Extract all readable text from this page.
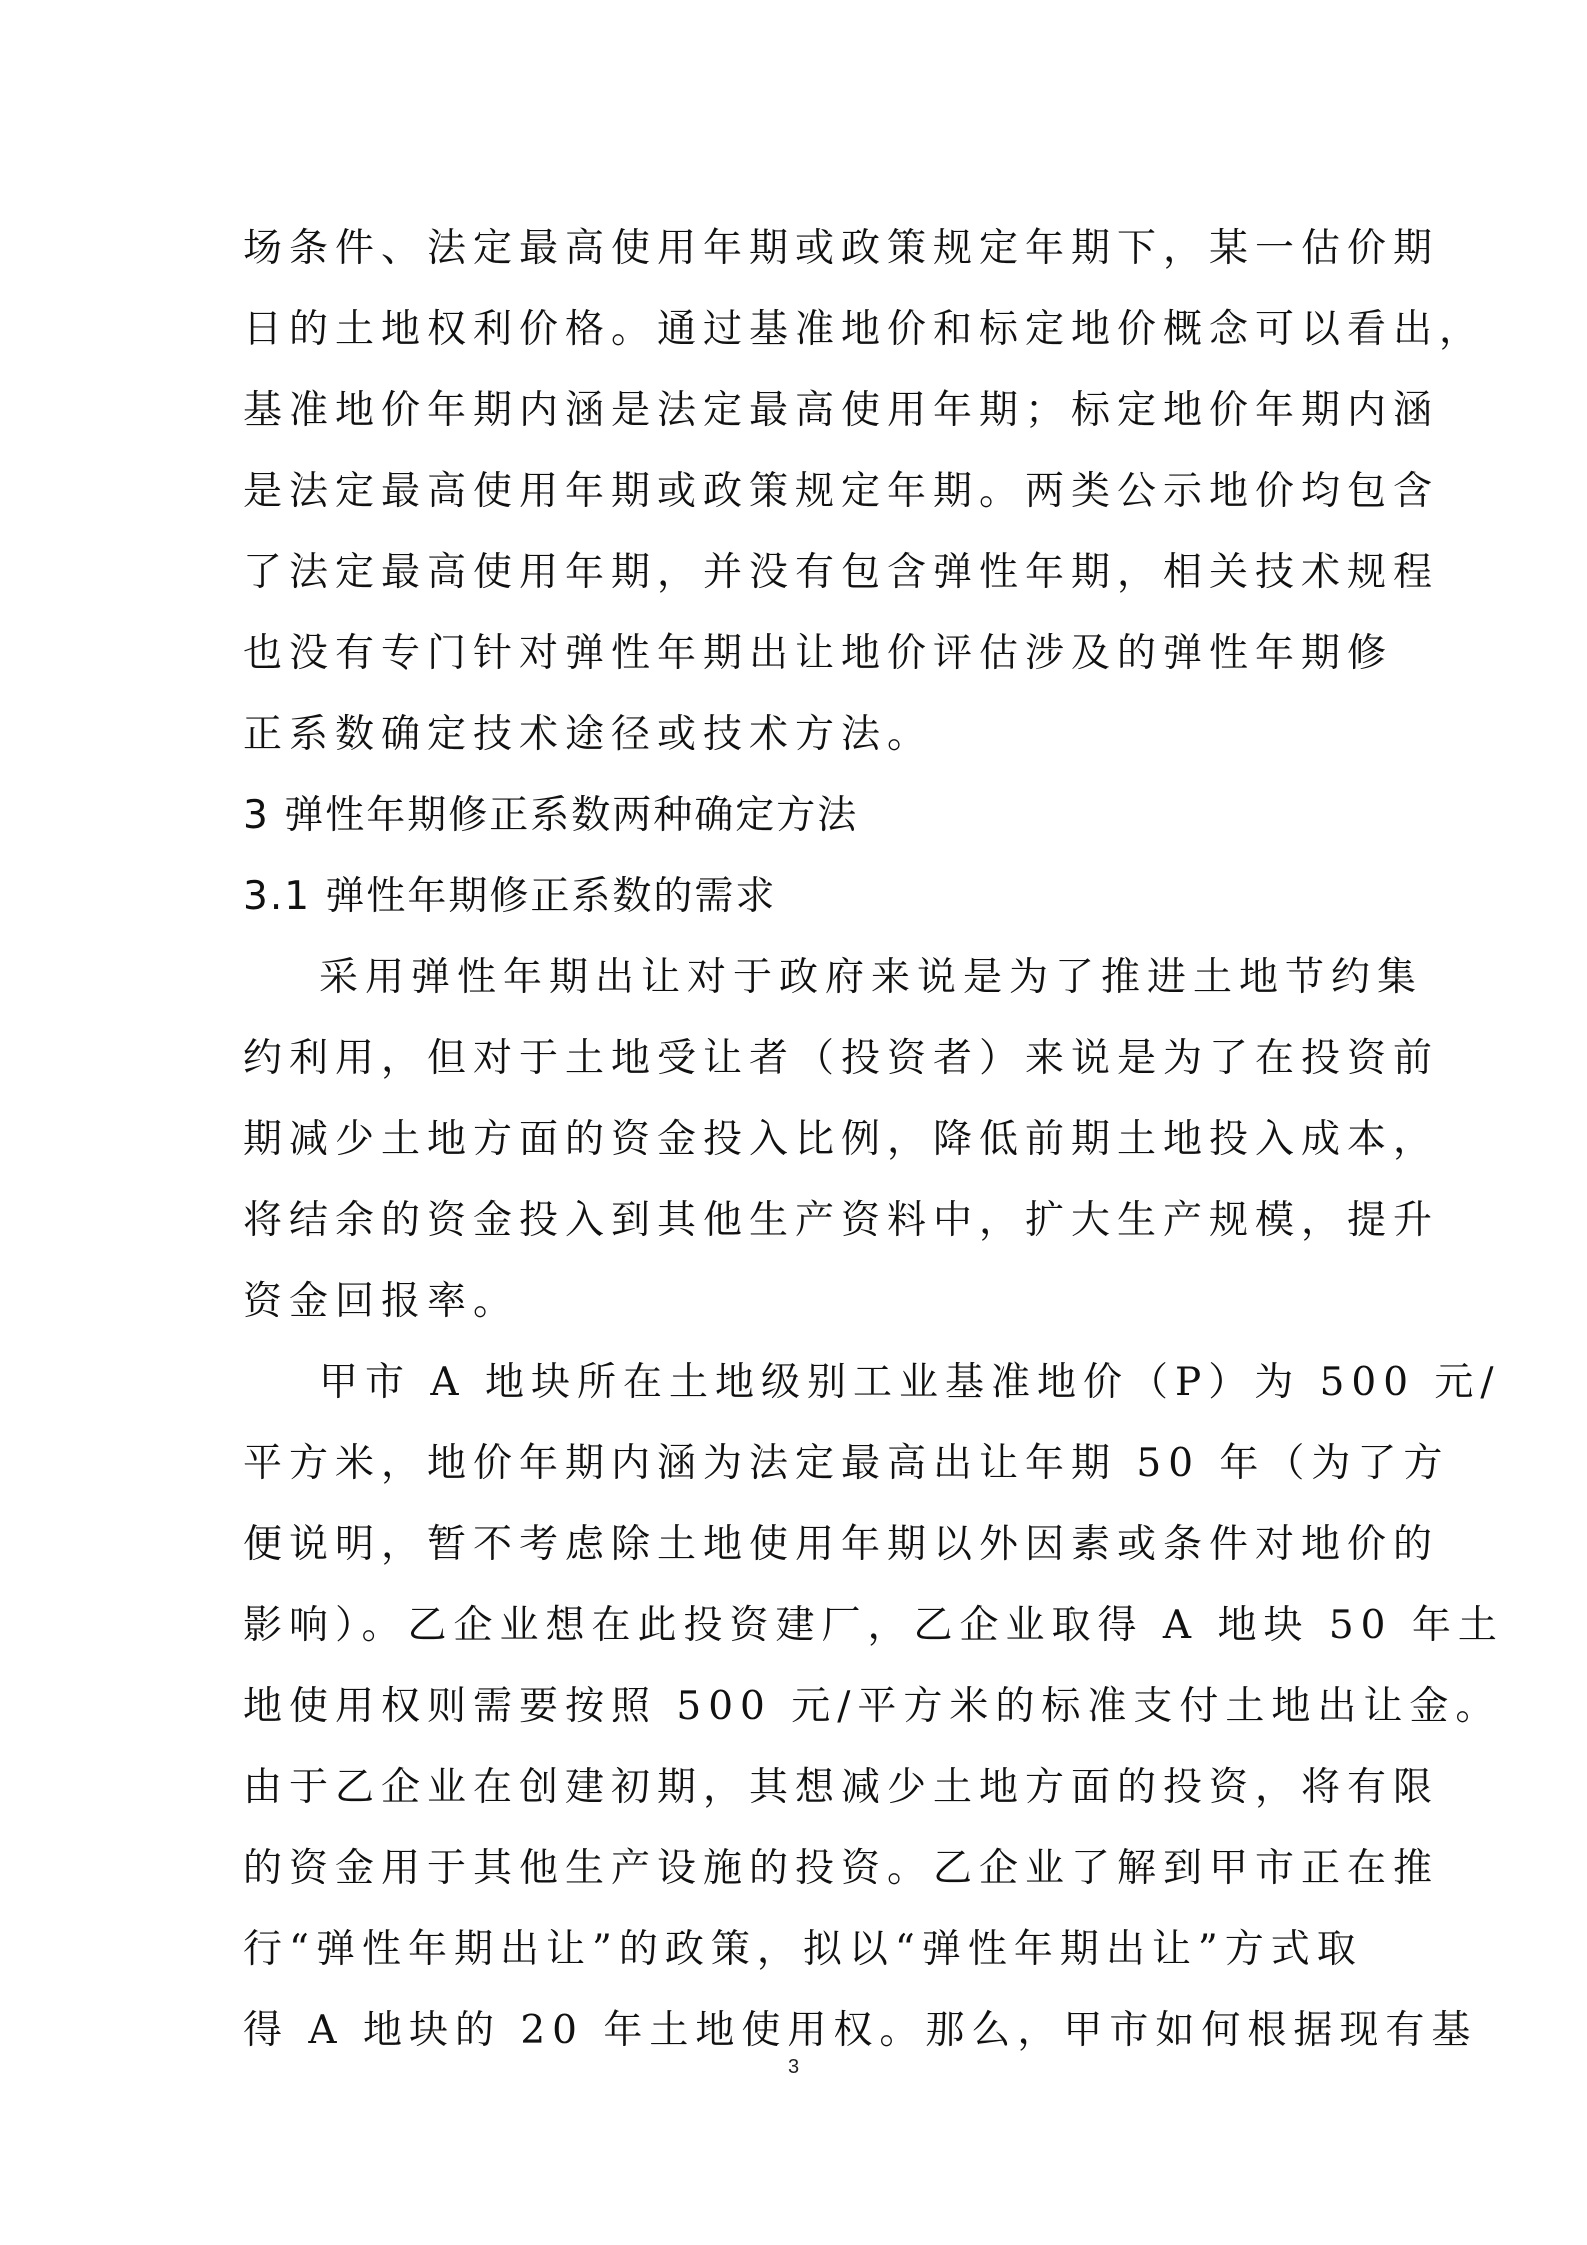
场条件、法定最高使用年期或政策规定年期下，某一估价期
日的土地权利价格。通过基准地价和标定地价概念可以看出，
基准地价年期内涵是法定最高使用年期；标定地价年期内涵
是法定最高使用年期或政策规定年期。两类公示地价均包含
了法定最高使用年期，并没有包含弹性年期，相关技术规程
也没有专门针对弹性年期出让地价评估涉及的弹性年期修
正系数确定技术途径或技术方法。
3 弹性年期修正系数两种确定方法
3.1 弹性年期修正系数的需求
采用弹性年期出让对于政府来说是为了推进土地节约集
约利用，但对于土地受让者（投资者）来说是为了在投资前
期减少土地方面的资金投入比例，降低前期土地投入成本，
将结余的资金投入到其他生产资料中，扩大生产规模，提升
资金回报率。
甲市 A 地块所在土地级别工业基准地价（P）为 500 元/
平方米，地价年期内涵为法定最高出让年期 50 年（为了方
便说明，暂不考虑除土地使用年期以外因素或条件对地价的
影响）。乙企业想在此投资建厂，乙企业取得 A 地块 50 年土
地使用权则需要按照 500 元/平方米的标准支付土地出让金。
由于乙企业在创建初期，其想减少土地方面的投资，将有限
的资金用于其他生产设施的投资。乙企业了解到甲市正在推
行“弹性年期出让”的政策，拟以“弹性年期出让”方式取
得 A 地块的 20 年土地使用权。那么，甲市如何根据现有基
3
